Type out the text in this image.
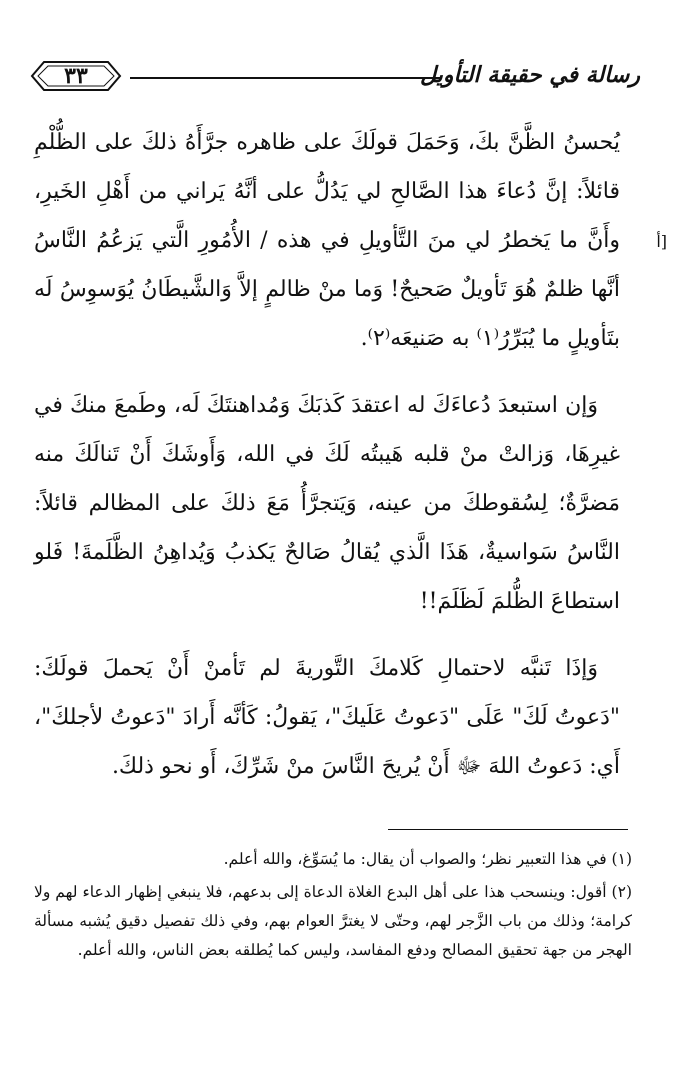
رسالة في حقيقة التأويل
٣٣
[أ

يُحسنُ الظَّنَّ بكَ، وَحَمَلَ قولَكَ على ظاهره جرَّأَهُ ذلكَ على الظُّلْمِ قائلاً: إنَّ دُعاءَ هذا الصَّالحِ لي يَدُلُّ على أنَّهُ يَراني من أَهْلِ الخَيرِ، وأَنَّ ما يَخطرُ لي منَ التَّأويلِ في هذه / الأُمُورِ الَّتي يَزعُمُ النَّاسُ أنَّها ظلمٌ هُوَ تَأويلٌ صَحيحٌ! وَما منْ ظالمٍ إلاَّ وَالشَّيطَانُ يُوَسوِسُ لَه بتَأويلٍ ما يُبَرِّرُ⁽١⁾ به صَنيعَه⁽٢⁾.

وَإن استبعدَ دُعاءَكَ له اعتقدَ كَذبَكَ وَمُداهنتَكَ لَه، وطَمعَ منكَ في غيرِهَا، وَزالتْ منْ قلبه هَيبتُه لَكَ في الله، وَأَوشَكَ أَنْ تَنالَكَ منه مَضرَّةٌ؛ لِسُقوطكَ من عينه، وَيَتجرَّأُ مَعَ ذلكَ على المظالم قائلاً: النَّاسُ سَواسيةٌ، هَذَا الَّذي يُقالُ صَالحٌ يَكذبُ وَيُداهِنُ الظَّلَمةَ! فَلو استطاعَ الظُّلمَ لَظَلَمَ!!

وَإذَا تَنبَّه لاحتمالِ كَلامكَ التَّوريةَ لم تَأمنْ أَنْ يَحملَ قولَكَ: "دَعوتُ لَكَ" عَلَى "دَعوتُ عَلَيكَ"، يَقولُ: كَأنَّه أَرادَ "دَعوتُ لأجلكَ"، أَي: دَعوتُ اللهَ ﷻ أَنْ يُريحَ النَّاسَ منْ شَرِّكَ، أَو نحو ذلكَ.

(١) في هذا التعبير نظر؛ والصواب أن يقال: ما يُسَوِّغ، والله أعلم.

(٢) أقول: وينسحب هذا على أهل البدع الغلاة الدعاة إلى بدعهم، فلا ينبغي إظهار الدعاء لهم ولا كرامة؛ وذلك من باب الزَّجر لهم، وحتّى لا يغترَّ العوام بهم، وفي ذلك تفصيل دقيق يُشبه مسألة الهجر من جهة تحقيق المصالح ودفع المفاسد، وليس كما يُطلقه بعض الناس، والله أعلم.
